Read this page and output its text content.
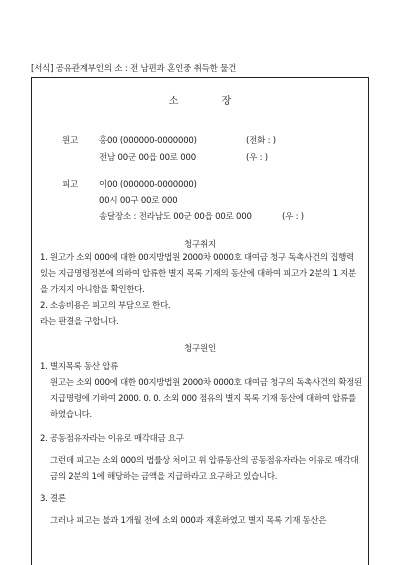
[서식] 공유관계부인의 소 : 전 남편과 혼인중 취득한 물건
소 장
원고 홍00 (000000-0000000)	(전화 : )
전남 00군 00읍 00로 000	(우 : )
피고 이00 (000000-0000000)
00시 00구 00로 000
송달장소 : 전라남도 00군 00읍 00로 000	(우 : )
청구취지
1. 원고가 소외 000에 대한 00지방법원 2000차 0000호 대여금 청구 독촉사건의 집행력 있는 지급명령정본에 의하여 압류한 별지 목록 기재의 동산에 대하여 피고가 2분의 1 지분을 가지지 아니함을 확인한다.
2. 소송비용은 피고의 부담으로 한다.
라는 판결을 구합니다.
청구원인
1. 별지목록 동산 압류
원고는 소외 000에 대한 00지방법원 2000차 0000호 대여금 청구의 독촉사건의 확정된 지급명령에 기하여 2000. 0. 0. 소외 000 점유의 별지 목록 기재 동산에 대하여 압류를 하였습니다.
2. 공동점유자라는 이유로 매각대금 요구
그런데 피고는 소외 000의 법률상 처이고 위 압류동산의 공동점유자라는 이유로 매각대금의 2분의 1에 해당하는 금액을 지급하라고 요구하고 있습니다.
3. 결론
그러나 피고는 불과 1개월 전에 소외 000과 재혼하였고 별지 목록 기재 동산은
